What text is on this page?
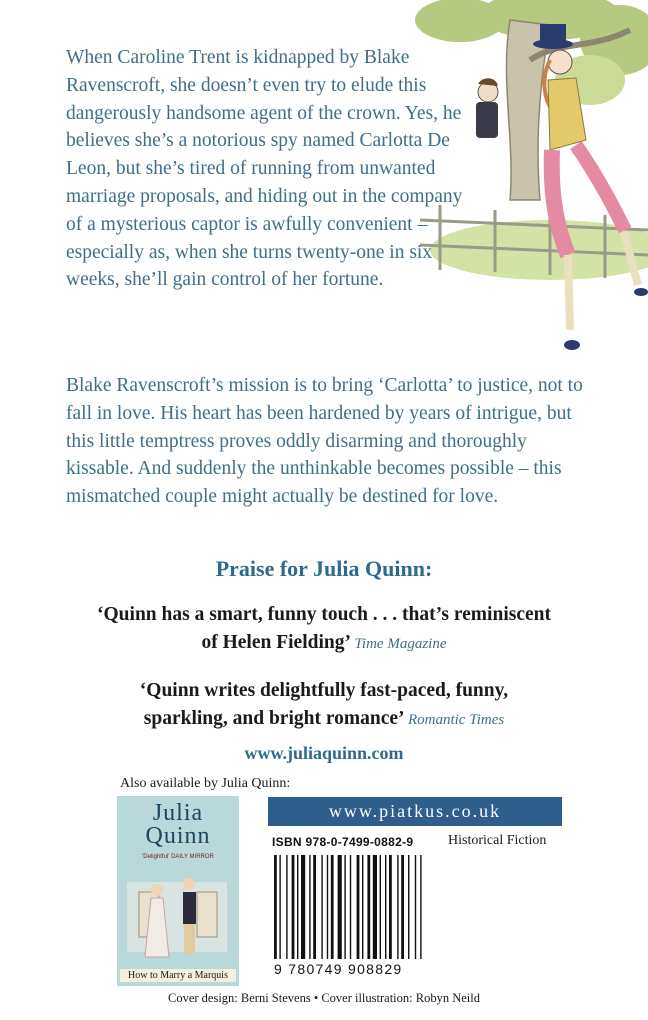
When Caroline Trent is kidnapped by Blake Ravenscroft, she doesn’t even try to elude this dangerously handsome agent of the crown. Yes, he believes she’s a notorious spy named Carlotta De Leon, but she’s tired of running from unwanted marriage proposals, and hiding out in the company of a mysterious captor is awfully convenient – especially as, when she turns twenty-one in six weeks, she’ll gain control of her fortune.

Blake Ravenscroft’s mission is to bring ‘Carlotta’ to justice, not to fall in love. His heart has been hardened by years of intrigue, but this little temptress proves oddly disarming and thoroughly kissable. And suddenly the unthinkable becomes possible – this mismatched couple might actually be destined for love.

Praise for Julia Quinn:
‘Quinn has a smart, funny touch . . . that’s reminiscent
of Helen Fielding’ Time Magazine
‘Quinn writes delightfully fast-paced, funny,
sparkling, and bright romance’ Romantic Times
www.juliaquinn.com
Also available by Julia Quinn:
Julia
Quinn
'Delightful' DAILY MIRROR
How to Marry a Marquis
www.piatkus.co.uk
ISBN 978-0-7499-0882-9
9 780749 908829
Historical Fiction
Cover design: Berni Stevens • Cover illustration: Robyn Neild
